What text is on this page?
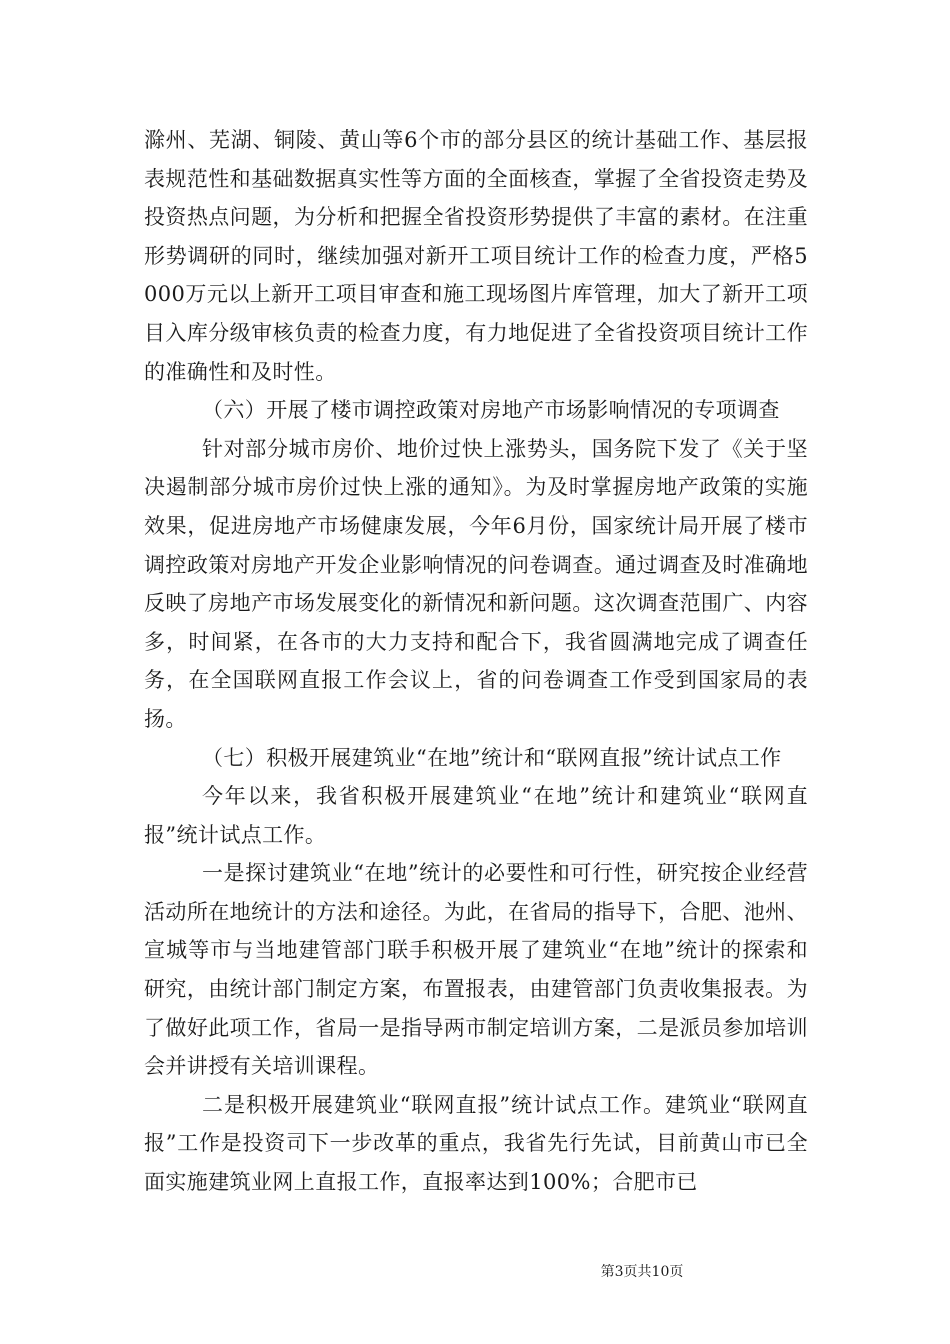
滁州、芜湖、铜陵、黄山等6个市的部分县区的统计基础工作、基层报表规范性和基础数据真实性等方面的全面核查，掌握了全省投资走势及投资热点问题，为分析和把握全省投资形势提供了丰富的素材。在注重形势调研的同时，继续加强对新开工项目统计工作的检查力度，严格5000万元以上新开工项目审查和施工现场图片库管理，加大了新开工项目入库分级审核负责的检查力度，有力地促进了全省投资项目统计工作的准确性和及时性。

（六）开展了楼市调控政策对房地产市场影响情况的专项调查

针对部分城市房价、地价过快上涨势头，国务院下发了《关于坚决遏制部分城市房价过快上涨的通知》。为及时掌握房地产政策的实施效果，促进房地产市场健康发展，今年6月份，国家统计局开展了楼市调控政策对房地产开发企业影响情况的问卷调查。通过调查及时准确地反映了房地产市场发展变化的新情况和新问题。这次调查范围广、内容多，时间紧，在各市的大力支持和配合下，我省圆满地完成了调查任务，在全国联网直报工作会议上，省的问卷调查工作受到国家局的表扬。

（七）积极开展建筑业“在地”统计和“联网直报”统计试点工作

今年以来，我省积极开展建筑业“在地”统计和建筑业“联网直报”统计试点工作。

一是探讨建筑业“在地”统计的必要性和可行性，研究按企业经营活动所在地统计的方法和途径。为此，在省局的指导下，合肥、池州、宣城等市与当地建管部门联手积极开展了建筑业“在地”统计的探索和研究，由统计部门制定方案，布置报表，由建管部门负责收集报表。为了做好此项工作，省局一是指导两市制定培训方案，二是派员参加培训会并讲授有关培训课程。

二是积极开展建筑业“联网直报”统计试点工作。建筑业“联网直报”工作是投资司下一步改革的重点，我省先行先试，目前黄山市已全面实施建筑业网上直报工作，直报率达到100%；合肥市已

第3页共10页
